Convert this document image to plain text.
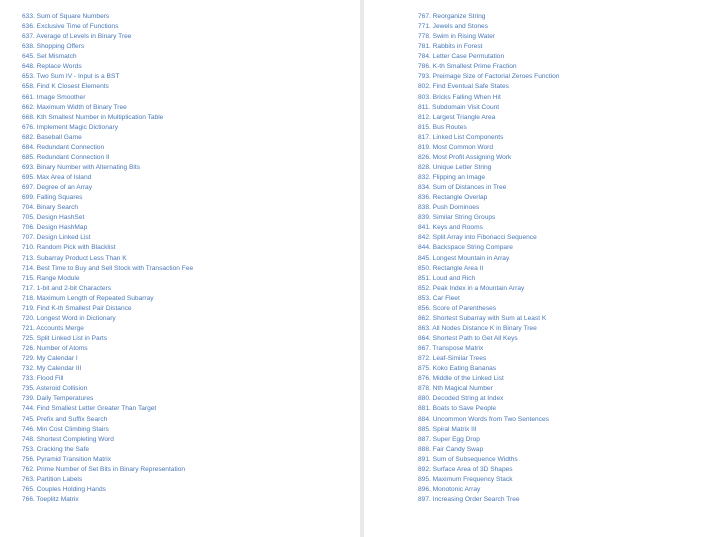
633. Sum of Square Numbers
636. Exclusive Time of Functions
637. Average of Levels in Binary Tree
638. Shopping Offers
645. Set Mismatch
648. Replace Words
653. Two Sum IV - Input is a BST
658. Find K Closest Elements
661. Image Smoother
662. Maximum Width of Binary Tree
668. Kth Smallest Number in Multiplication Table
676. Implement Magic Dictionary
682. Baseball Game
684. Redundant Connection
685. Redundant Connection II
693. Binary Number with Alternating Bits
695. Max Area of Island
697. Degree of an Array
699. Falling Squares
704. Binary Search
705. Design HashSet
706. Design HashMap
707. Design Linked List
710. Random Pick with Blacklist
713. Subarray Product Less Than K
714. Best Time to Buy and Sell Stock with Transaction Fee
715. Range Module
717. 1-bit and 2-bit Characters
718. Maximum Length of Repeated Subarray
719. Find K-th Smallest Pair Distance
720. Longest Word in Dictionary
721. Accounts Merge
725. Split Linked List in Parts
726. Number of Atoms
729. My Calendar I
732. My Calendar III
733. Flood Fill
735. Asteroid Collision
739. Daily Temperatures
744. Find Smallest Letter Greater Than Target
745. Prefix and Suffix Search
746. Min Cost Climbing Stairs
748. Shortest Completing Word
753. Cracking the Safe
756. Pyramid Transition Matrix
762. Prime Number of Set Bits in Binary Representation
763. Partition Labels
765. Couples Holding Hands
766. Toeplitz Matrix
767. Reorganize String
771. Jewels and Stones
778. Swim in Rising Water
781. Rabbits in Forest
784. Letter Case Permutation
786. K-th Smallest Prime Fraction
793. Preimage Size of Factorial Zeroes Function
802. Find Eventual Safe States
803. Bricks Falling When Hit
811. Subdomain Visit Count
812. Largest Triangle Area
815. Bus Routes
817. Linked List Components
819. Most Common Word
826. Most Profit Assigning Work
828. Unique Letter String
832. Flipping an Image
834. Sum of Distances in Tree
836. Rectangle Overlap
838. Push Dominoes
839. Similar String Groups
841. Keys and Rooms
842. Split Array into Fibonacci Sequence
844. Backspace String Compare
845. Longest Mountain in Array
850. Rectangle Area II
851. Loud and Rich
852. Peak Index in a Mountain Array
853. Car Fleet
856. Score of Parentheses
862. Shortest Subarray with Sum at Least K
863. All Nodes Distance K in Binary Tree
864. Shortest Path to Get All Keys
867. Transpose Matrix
872. Leaf-Similar Trees
875. Koko Eating Bananas
876. Middle of the Linked List
878. Nth Magical Number
880. Decoded String at Index
881. Boats to Save People
884. Uncommon Words from Two Sentences
885. Spiral Matrix III
887. Super Egg Drop
888. Fair Candy Swap
891. Sum of Subsequence Widths
892. Surface Area of 3D Shapes
895. Maximum Frequency Stack
896. Monotonic Array
897. Increasing Order Search Tree
